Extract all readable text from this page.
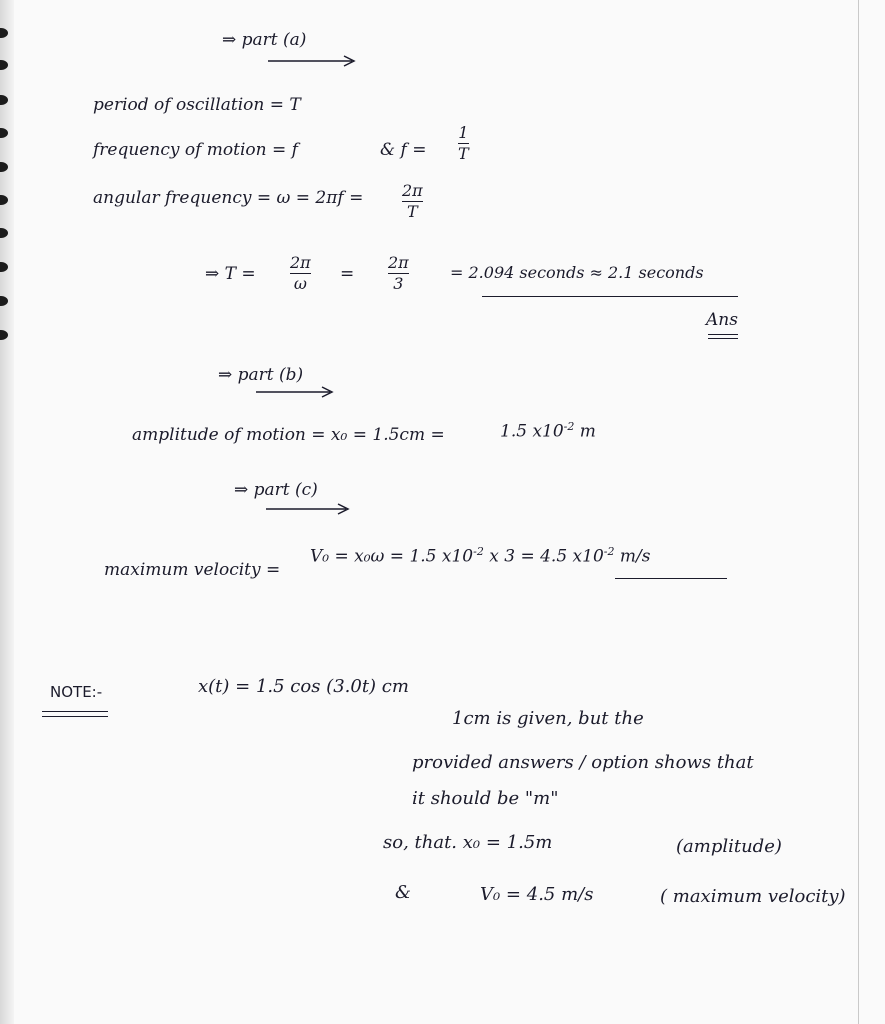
⇒ part (a)
period of oscillation = T
frequency of motion = f	& f =
1
T
angular frequency = ω = 2πf = 2π
T
⇒ T =
2π
ω =
2π
3
= 2.094 seconds ≈ 2.1 seconds
Ans
⇒ part (b)
amplitude of motion = x₀ = 1.5cm =	1.5 $x10^{-2}$ m
⇒ part (c)
maximum velocity =
V₀ = x₀ω = 1.5 $x10^{-2}$ x 3 = 4.5 $x10^{-2}$ m/s
NOTE:-	x(t) = 1.5 cos (3.0t) cm
1cm is given, but the
provided answers / option shows that
it should be "m"
so, that. x₀ = 1.5m	(amplitude)
&	V₀ = 4.5 m/s	( maximum velocity)
